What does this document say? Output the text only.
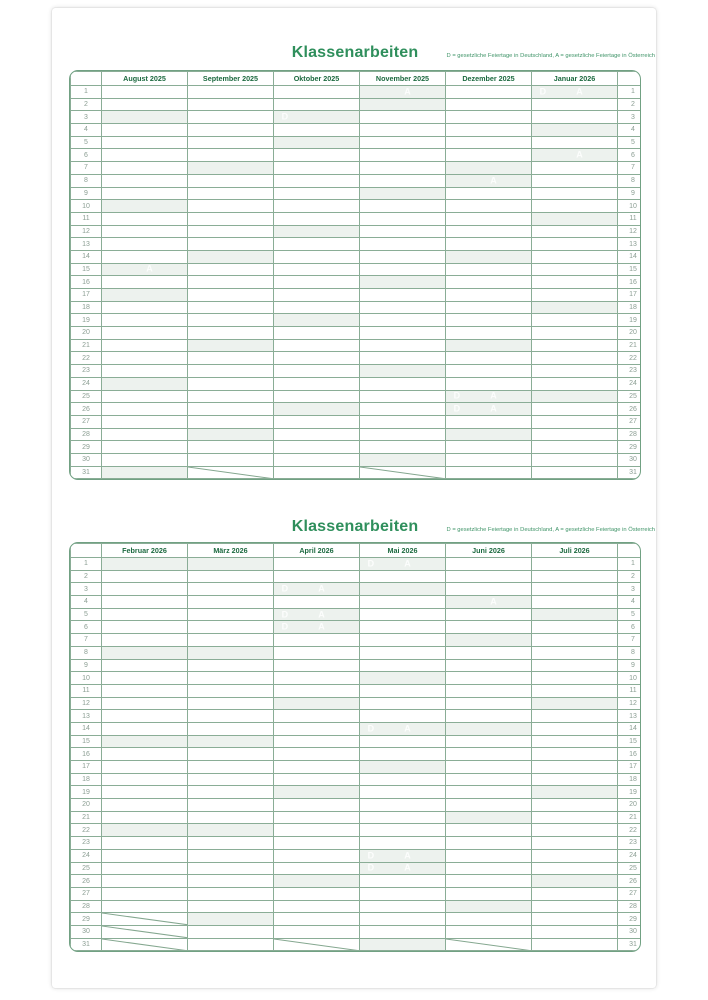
Klassenarbeiten	D = gesetzliche Feiertage in Deutschland, A = gesetzliche Feiertage in Österreich
	August 2025	September 2025	Oktober 2025	November 2025	Dezember 2025	Januar 2026	
1				A		D A	1
2							2
3			D				3
4							4
5							5
6						A	6
7							7
8					A		8
9							9
10							10
11							11
12							12
13							13
14							14
15	A						15
16							16
17							17
18							18
19							19
20							20
21							21
22							22
23							23
24							24
25					D A		25
26					D A		26
27							27
28							28
29							29
30							30
31							31
Klassenarbeiten	D = gesetzliche Feiertage in Deutschland, A = gesetzliche Feiertage in Österreich
	Februar 2026	März 2026	April 2026	Mai 2026	Juni 2026	Juli 2026	
1				D A			1
2							2
3			D A				3
4					A		4
5			D A				5
6			D A				6
7							7
8							8
9							9
10							10
11							11
12							12
13							13
14				D A			14
15							15
16							16
17							17
18							18
19							19
20							20
21							21
22							22
23							23
24				D A			24
25				D A			25
26							26
27							27
28							28
29							29
30							30
31							31
